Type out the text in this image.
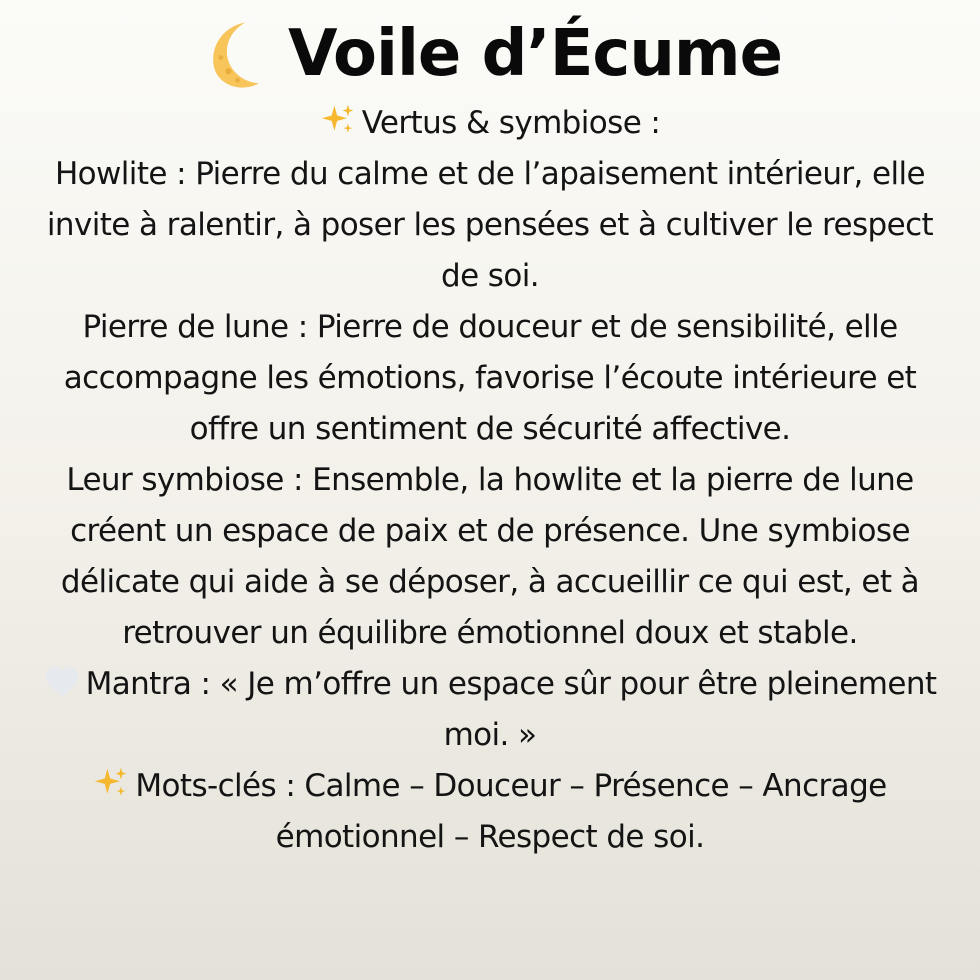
Voile d’Écume
Vertus & symbiose :
Howlite : Pierre du calme et de l’apaisement intérieur, elle invite à ralentir, à poser les pensées et à cultiver le respect de soi.
Pierre de lune : Pierre de douceur et de sensibilité, elle accompagne les émotions, favorise l’écoute intérieure et offre un sentiment de sécurité affective.
Leur symbiose : Ensemble, la howlite et la pierre de lune créent un espace de paix et de présence. Une symbiose délicate qui aide à se déposer, à accueillir ce qui est, et à retrouver un équilibre émotionnel doux et stable.
Mantra : « Je m’offre un espace sûr pour être pleinement moi. »
Mots-clés : Calme – Douceur – Présence – Ancrage émotionnel – Respect de soi.
